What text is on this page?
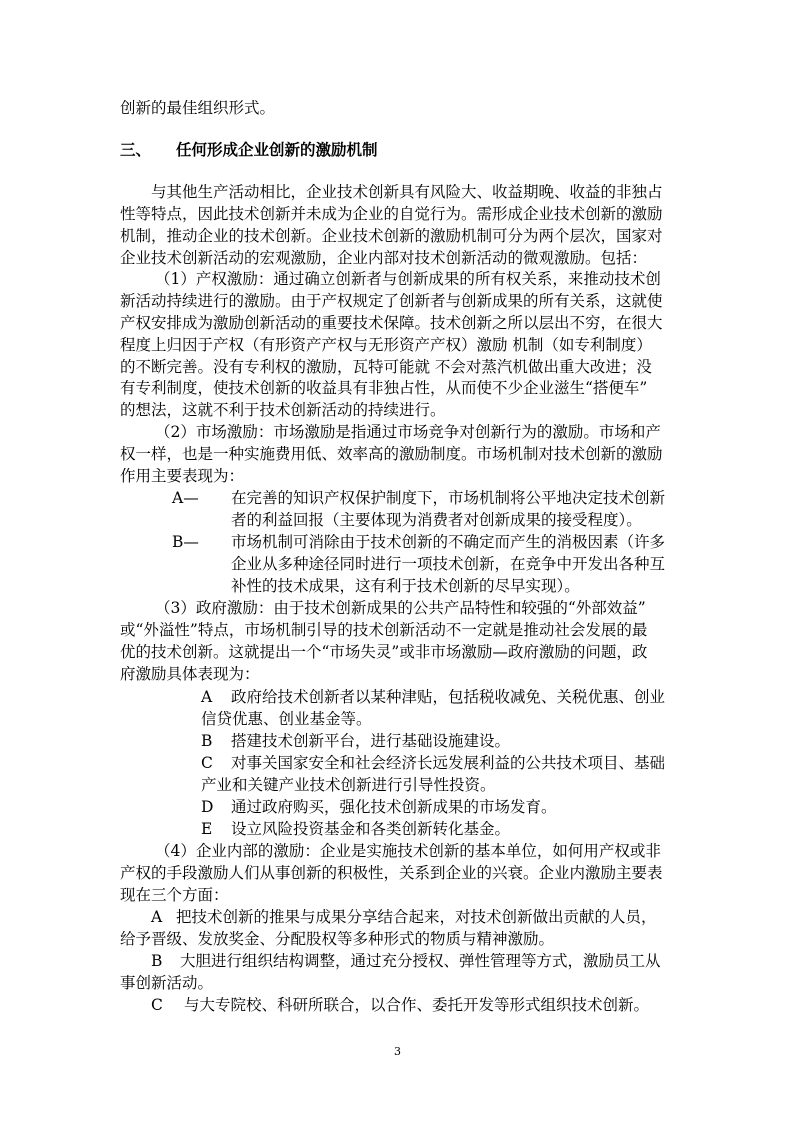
创新的最佳组织形式。
三、 任何形成企业创新的激励机制
与其他生产活动相比，企业技术创新具有风险大、收益期晚、收益的非独占
性等特点，因此技术创新并未成为企业的自觉行为。需形成企业技术创新的激励
机制，推动企业的技术创新。企业技术创新的激励机制可分为两个层次，国家对
企业技术创新活动的宏观激励，企业内部对技术创新活动的微观激励。包括：
（1）产权激励：通过确立创新者与创新成果的所有权关系，来推动技术创
新活动持续进行的激励。由于产权规定了创新者与创新成果的所有关系，这就使
产权安排成为激励创新活动的重要技术保障。技术创新之所以层出不穷，在很大
程度上归因于产权（有形资产产权与无形资产产权）激励 机制（如专利制度）
的不断完善。没有专利权的激励，瓦特可能就 不会对蒸汽机做出重大改进；没
有专利制度，使技术创新的收益具有非独占性，从而使不少企业滋生“搭便车”
的想法，这就不利于技术创新活动的持续进行。
（2）市场激励：市场激励是指通过市场竞争对创新行为的激励。市场和产
权一样，也是一种实施费用低、效率高的激励制度。市场机制对技术创新的激励
作用主要表现为：
A— 在完善的知识产权保护制度下，市场机制将公平地决定技术创新
者的利益回报（主要体现为消费者对创新成果的接受程度）。
B— 市场机制可消除由于技术创新的不确定而产生的消极因素（许多
企业从多种途径同时进行一项技术创新，在竞争中开发出各种互
补性的技术成果，这有利于技术创新的尽早实现）。
（3）政府激励：由于技术创新成果的公共产品特性和较强的“外部效益”
或“外溢性”特点，市场机制引导的技术创新活动不一定就是推动社会发展的最
优的技术创新。这就提出一个“市场失灵”或非市场激励—政府激励的问题，政
府激励具体表现为：
A 政府给技术创新者以某种津贴，包括税收减免、关税优惠、创业
信贷优惠、创业基金等。
B 搭建技术创新平台，进行基础设施建设。
C 对事关国家安全和社会经济长远发展利益的公共技术项目、基础
产业和关键产业技术创新进行引导性投资。
D 通过政府购买，强化技术创新成果的市场发育。
E 设立风险投资基金和各类创新转化基金。
（4）企业内部的激励：企业是实施技术创新的基本单位，如何用产权或非
产权的手段激励人们从事创新的积极性，关系到企业的兴衰。企业内激励主要表
现在三个方面：
A 把技术创新的推果与成果分享结合起来，对技术创新做出贡献的人员，
给予晋级、发放奖金、分配股权等多种形式的物质与精神激励。
B 大胆进行组织结构调整，通过充分授权、弹性管理等方式，激励员工从
事创新活动。
C 与大专院校、科研所联合，以合作、委托开发等形式组织技术创新。
3
